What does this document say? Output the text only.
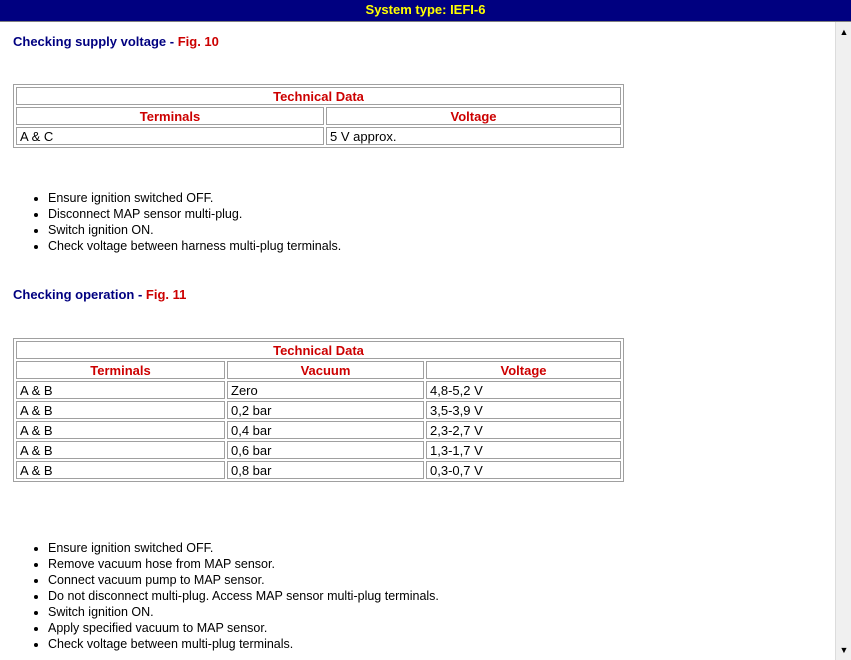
System type: IEFI-6
Checking supply voltage - Fig. 10
Technical Data	
Terminals	Voltage
A & C	5 V approx.
• Ensure ignition switched OFF.
• Disconnect MAP sensor multi-plug.
• Switch ignition ON.
• Check voltage between harness multi-plug terminals.
Checking operation - Fig. 11
Technical Data		
Terminals	Vacuum	Voltage
A & B	Zero	4,8-5,2 V
A & B	0,2 bar	3,5-3,9 V
A & B	0,4 bar	2,3-2,7 V
A & B	0,6 bar	1,3-1,7 V
A & B	0,8 bar	0,3-0,7 V
• Ensure ignition switched OFF.
• Remove vacuum hose from MAP sensor.
• Connect vacuum pump to MAP sensor.
• Do not disconnect multi-plug. Access MAP sensor multi-plug terminals.
• Switch ignition ON.
• Apply specified vacuum to MAP sensor.
• Check voltage between multi-plug terminals.
▲
▼
